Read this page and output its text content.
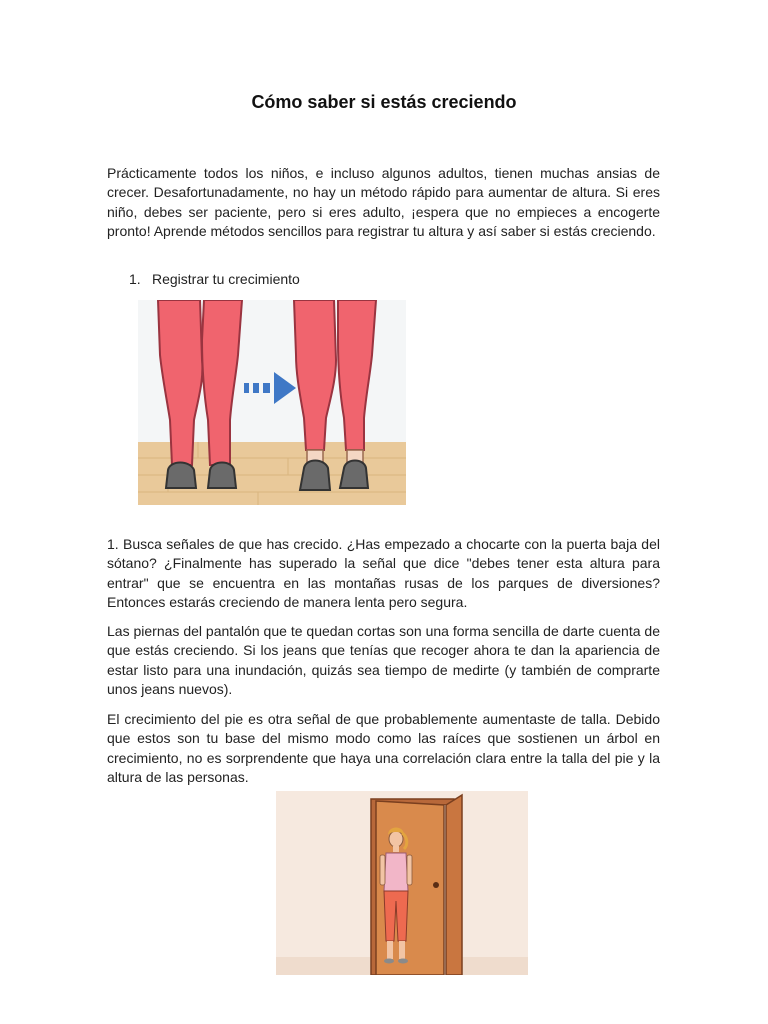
Cómo saber si estás creciendo

Prácticamente todos los niños, e incluso algunos adultos, tienen muchas ansias de crecer. Desafortunadamente, no hay un método rápido para aumentar de altura. Si eres niño, debes ser paciente, pero si eres adulto, ¡espera que no empieces a encogerte pronto! Aprende métodos sencillos para registrar tu altura y así saber si estás creciendo.

1. Registrar tu crecimiento

1. Busca señales de que has crecido. ¿Has empezado a chocarte con la puerta baja del sótano? ¿Finalmente has superado la señal que dice "debes tener esta altura para entrar" que se encuentra en las montañas rusas de los parques de diversiones? Entonces estarás creciendo de manera lenta pero segura.

Las piernas del pantalón que te quedan cortas son una forma sencilla de darte cuenta de que estás creciendo. Si los jeans que tenías que recoger ahora te dan la apariencia de estar listo para una inundación, quizás sea tiempo de medirte (y también de comprarte unos jeans nuevos).

El crecimiento del pie es otra señal de que probablemente aumentaste de talla. Debido que estos son tu base del mismo modo como las raíces que sostienen un árbol en crecimiento, no es sorprendente que haya una correlación clara entre la talla del pie y la altura de las personas.
